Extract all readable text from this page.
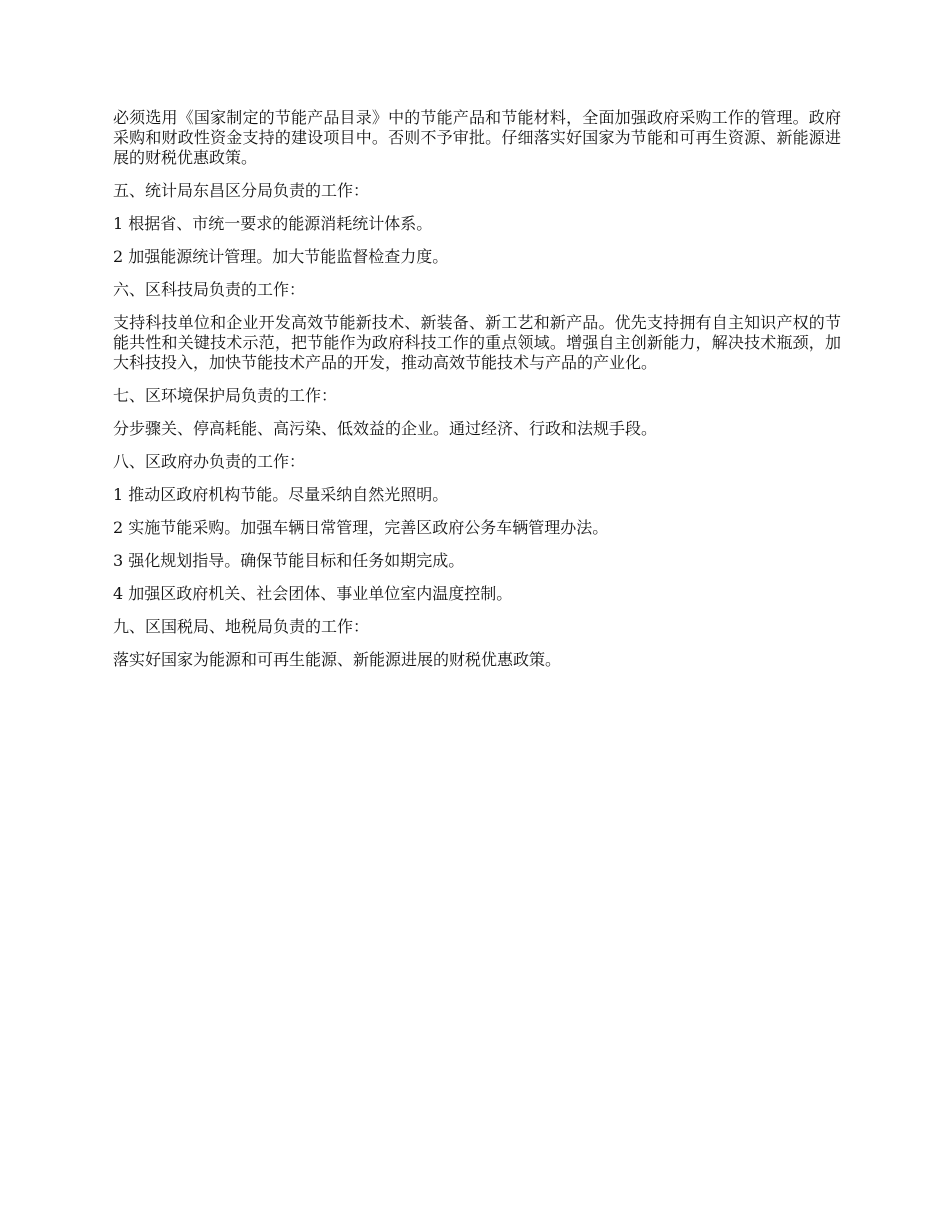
必须选用《国家制定的节能产品目录》中的节能产品和节能材料，全面加强政府采购工作的管理。政府采购和财政性资金支持的建设项目中。否则不予审批。仔细落实好国家为节能和可再生资源、新能源进展的财税优惠政策。

五、统计局东昌区分局负责的工作：

1 根据省、市统一要求的能源消耗统计体系。

2 加强能源统计管理。加大节能监督检查力度。

六、区科技局负责的工作：

支持科技单位和企业开发高效节能新技术、新装备、新工艺和新产品。优先支持拥有自主知识产权的节能共性和关键技术示范，把节能作为政府科技工作的重点领域。增强自主创新能力，解决技术瓶颈，加大科技投入，加快节能技术产品的开发，推动高效节能技术与产品的产业化。

七、区环境保护局负责的工作：

分步骤关、停高耗能、高污染、低效益的企业。通过经济、行政和法规手段。

八、区政府办负责的工作：

1 推动区政府机构节能。尽量采纳自然光照明。

2 实施节能采购。加强车辆日常管理，完善区政府公务车辆管理办法。

3 强化规划指导。确保节能目标和任务如期完成。

4 加强区政府机关、社会团体、事业单位室内温度控制。

九、区国税局、地税局负责的工作：

落实好国家为能源和可再生能源、新能源进展的财税优惠政策。
